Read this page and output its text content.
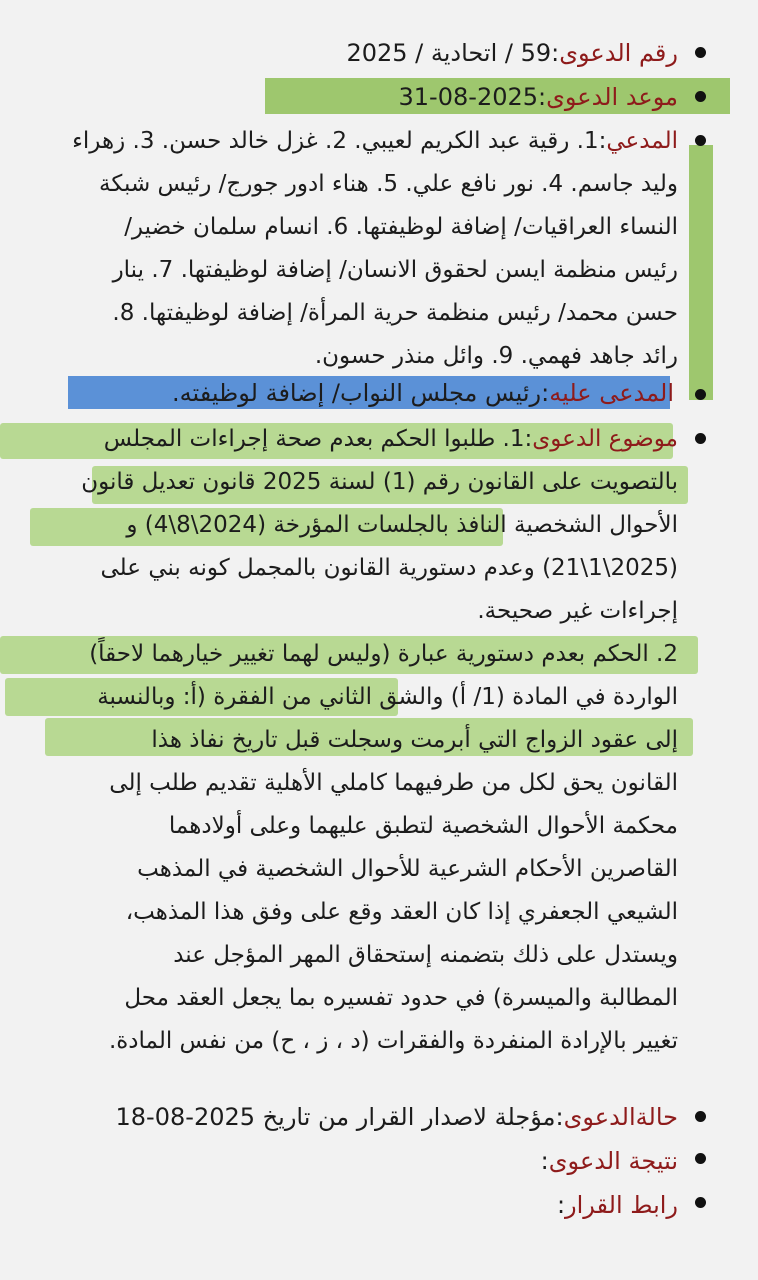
رقم الدعوى:59 / اتحادية / 2025
موعد الدعوى:2025-08-31
المدعي:1. رقية عبد الكريم لعيبي. 2. غزل خالد حسن. 3. زهراء
وليد جاسم. 4. نور نافع علي. 5. هناء ادور جورج/ رئيس شبكة
النساء العراقيات/ إضافة لوظيفتها. 6. انسام سلمان خضير/
رئيس منظمة ايسن لحقوق الانسان/ إضافة لوظيفتها. 7. ينار
حسن محمد/ رئيس منظمة حرية المرأة/ إضافة لوظيفتها. 8.
رائد جاهد فهمي. 9. وائل منذر حسون.
المدعى عليه:رئيس مجلس النواب/ إضافة لوظيفته.
موضوع الدعوى:1. طلبوا الحكم بعدم صحة إجراءات المجلس
بالتصويت على القانون رقم (1) لسنة 2025 قانون تعديل قانون
الأحوال الشخصية النافذ بالجلسات المؤرخة (2024\8\4) و
(2025\1\21) وعدم دستورية القانون بالمجمل كونه بني على
إجراءات غير صحيحة.
2. الحكم بعدم دستورية عبارة (وليس لهما تغيير خيارهما لاحقاً)
الواردة في المادة (1/ أ) والشق الثاني من الفقرة (أ: وبالنسبة
إلى عقود الزواج التي أبرمت وسجلت قبل تاريخ نفاذ هذا
القانون يحق لكل من طرفيهما كاملي الأهلية تقديم طلب إلى
محكمة الأحوال الشخصية لتطبق عليهما وعلى أولادهما
القاصرين الأحكام الشرعية للأحوال الشخصية في المذهب
الشيعي الجعفري إذا كان العقد وقع على وفق هذا المذهب،
ويستدل على ذلك بتضمنه إستحقاق المهر المؤجل عند
المطالبة والميسرة) في حدود تفسيره بما يجعل العقد محل
تغيير بالإرادة المنفردة والفقرات (د ، ز ، ح) من نفس المادة.
حالةالدعوى:مؤجلة لاصدار القرار من تاريخ 2025-08-18
نتيجة الدعوى:
رابط القرار:
